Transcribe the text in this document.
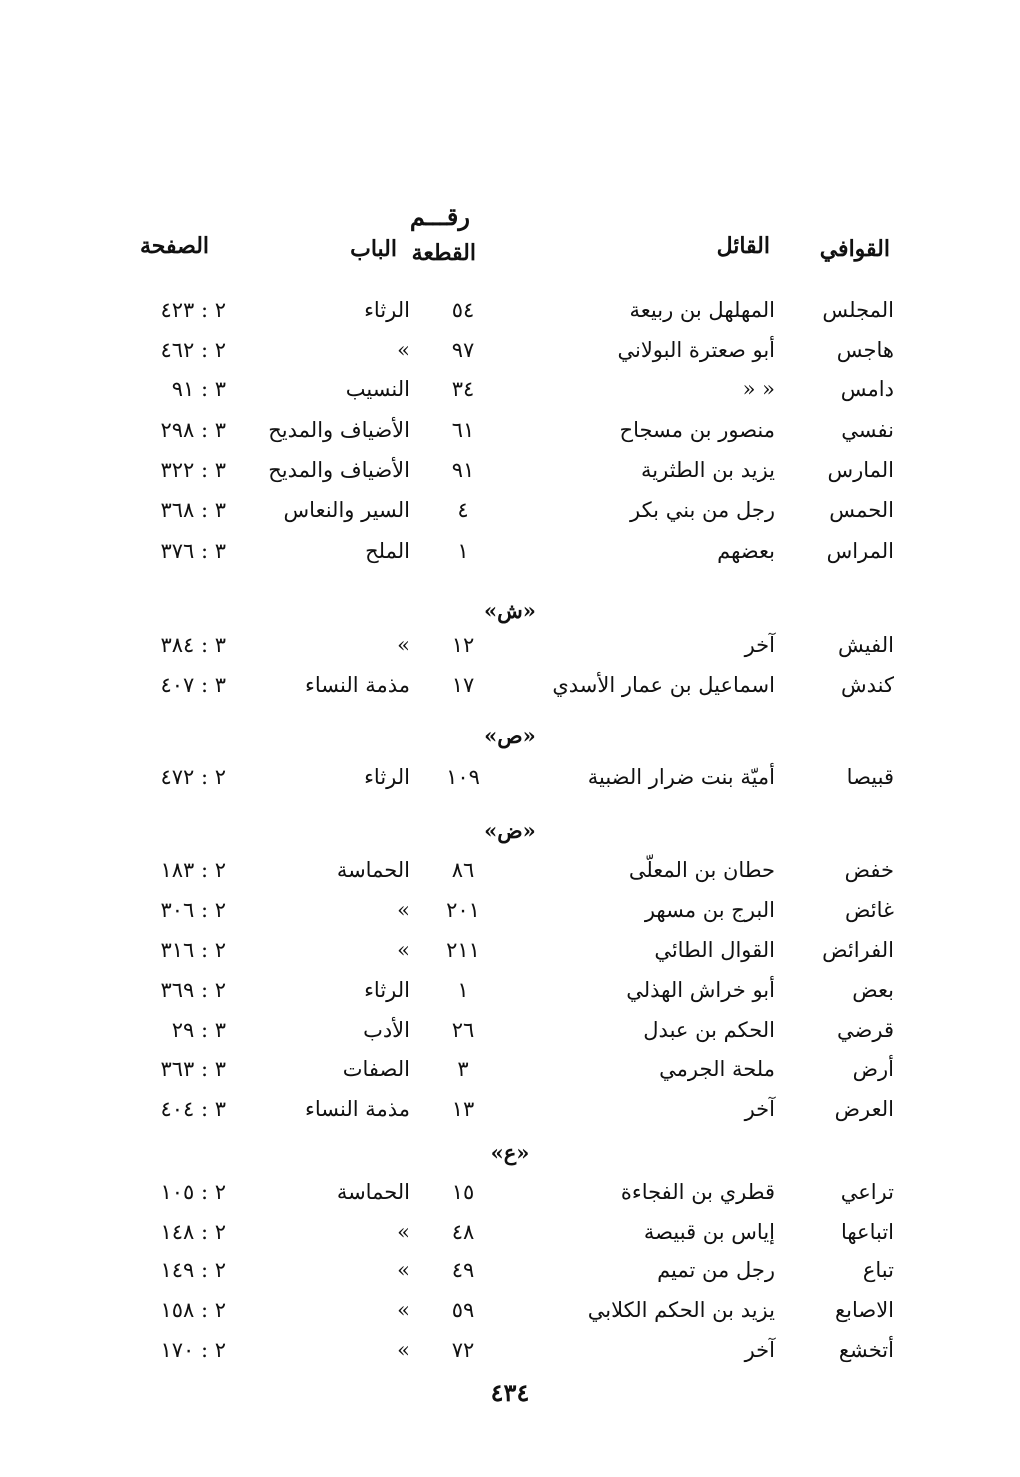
القوافي
القائل
رقـــم
القطعة
الباب
الصفحة
المجلس
المهلهل بن ربيعة
٥٤
الرثاء
٢ : ٤٢٣
هاجس
أبو صعترة البولاني
٩٧
»
٢ : ٤٦٢
دامس
« «
٣٤
النسيب
٣ : ٩١
نفسي
منصور بن مسجاح
٦١
الأضياف والمديح
٣ : ٢٩٨
المارس
يزيد بن الطثرية
٩١
الأضياف والمديح
٣ : ٣٢٢
الحمس
رجل من بني بكر
٤
السير والنعاس
٣ : ٣٦٨
المراس
بعضهم
١
الملح
٣ : ٣٧٦
«ش»
الفيش
آخر
١٢
»
٣ : ٣٨٤
كندش
اسماعيل بن عمار الأسدي
١٧
مذمة النساء
٣ : ٤٠٧
«ص»
قبيصا
أميّة بنت ضرار الضبية
١٠٩
الرثاء
٢ : ٤٧٢
«ض»
خفض
حطان بن المعلّى
٨٦
الحماسة
٢ : ١٨٣
غائض
البرج بن مسهر
٢٠١
»
٢ : ٣٠٦
الفرائض
القوال الطائي
٢١١
»
٢ : ٣١٦
بعض
أبو خراش الهذلي
١
الرثاء
٢ : ٣٦٩
قرضي
الحكم بن عبدل
٢٦
الأدب
٣ : ٢٩
أرض
ملحة الجرمي
٣
الصفات
٣ : ٣٦٣
العرض
آخر
١٣
مذمة النساء
٣ : ٤٠٤
«ع»
تراعي
قطري بن الفجاءة
١٥
الحماسة
٢ : ١٠٥
اتباعها
إياس بن قبيصة
٤٨
»
٢ : ١٤٨
تباع
رجل من تميم
٤٩
»
٢ : ١٤٩
الاصابع
يزيد بن الحكم الكلابي
٥٩
»
٢ : ١٥٨
أتخشع
آخر
٧٢
»
٢ : ١٧٠
٤٣٤
